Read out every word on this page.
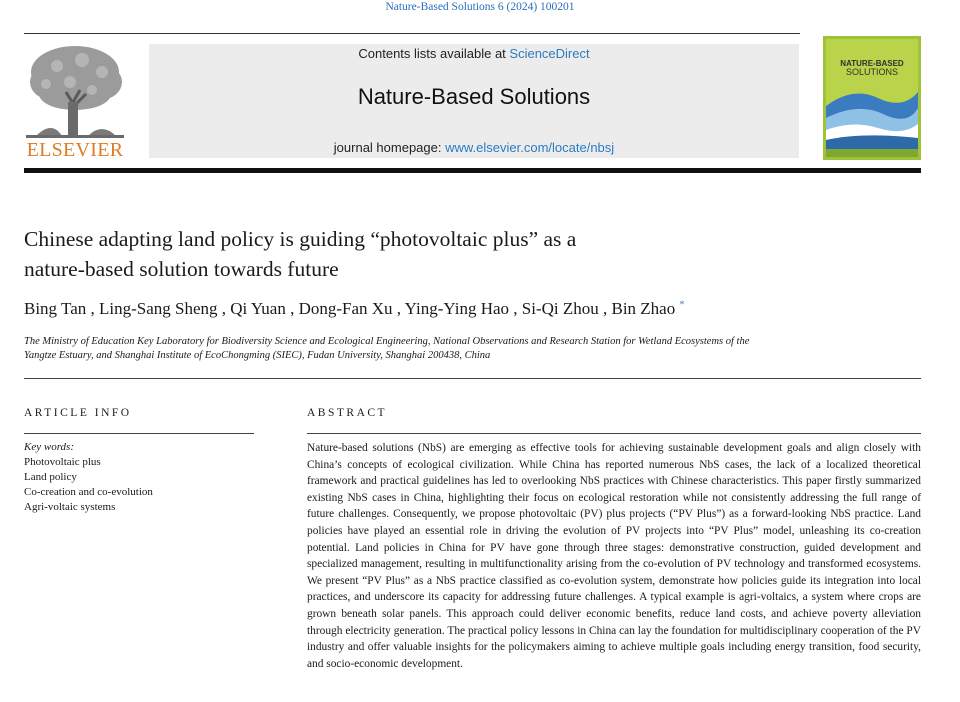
Nature-Based Solutions 6 (2024) 100201
ELSEVIER
Contents lists available at ScienceDirect
Nature-Based Solutions
journal homepage: www.elsevier.com/locate/nbsj
NATURE-BASED
SOLUTIONS
Chinese adapting land policy is guiding “photovoltaic plus” as a
nature-based solution towards future
Bing Tan , Ling-Sang Sheng , Qi Yuan , Dong-Fan Xu , Ying-Ying Hao , Si-Qi Zhou , Bin Zhao *
The Ministry of Education Key Laboratory for Biodiversity Science and Ecological Engineering, National Observations and Research Station for Wetland Ecosystems of the
Yangtze Estuary, and Shanghai Institute of EcoChongming (SIEC), Fudan University, Shanghai 200438, China
ARTICLE INFO
Key words:
Photovoltaic plus
Land policy
Co-creation and co-evolution
Agri-voltaic systems
ABSTRACT
Nature-based solutions (NbS) are emerging as effective tools for achieving sustainable development goals and align closely with China’s concepts of ecological civilization. While China has reported numerous NbS cases, the lack of a localized theoretical framework and practical guidelines has led to overlooking NbS practices with Chinese characteristics. This paper firstly summarized existing NbS cases in China, highlighting their focus on ecological restoration while not consistently addressing the full range of future challenges. Consequently, we propose photovoltaic (PV) plus projects (“PV Plus”) as a forward-looking NbS practice. Land policies have played an essential role in driving the evolution of PV projects into “PV Plus” model, unleashing its co-creation potential. Land policies in China for PV have gone through three stages: demonstrative construction, guided development and specialized management, resulting in multifunctionality arising from the co-evolution of PV technology and transformed ecosystems. We present “PV Plus” as a NbS practice classified as co-evolution system, demonstrate how policies guide its integration into local practices, and underscore its capacity for addressing future challenges. A typical example is agri-voltaics, a system where crops are grown beneath solar panels. This approach could deliver economic benefits, reduce land costs, and achieve poverty alleviation through electricity generation. The practical policy lessons in China can lay the foundation for multidisciplinary cooperation of the PV industry and offer valuable insights for the policymakers aiming to achieve multiple goals including energy transition, food security, and socio-economic development.
